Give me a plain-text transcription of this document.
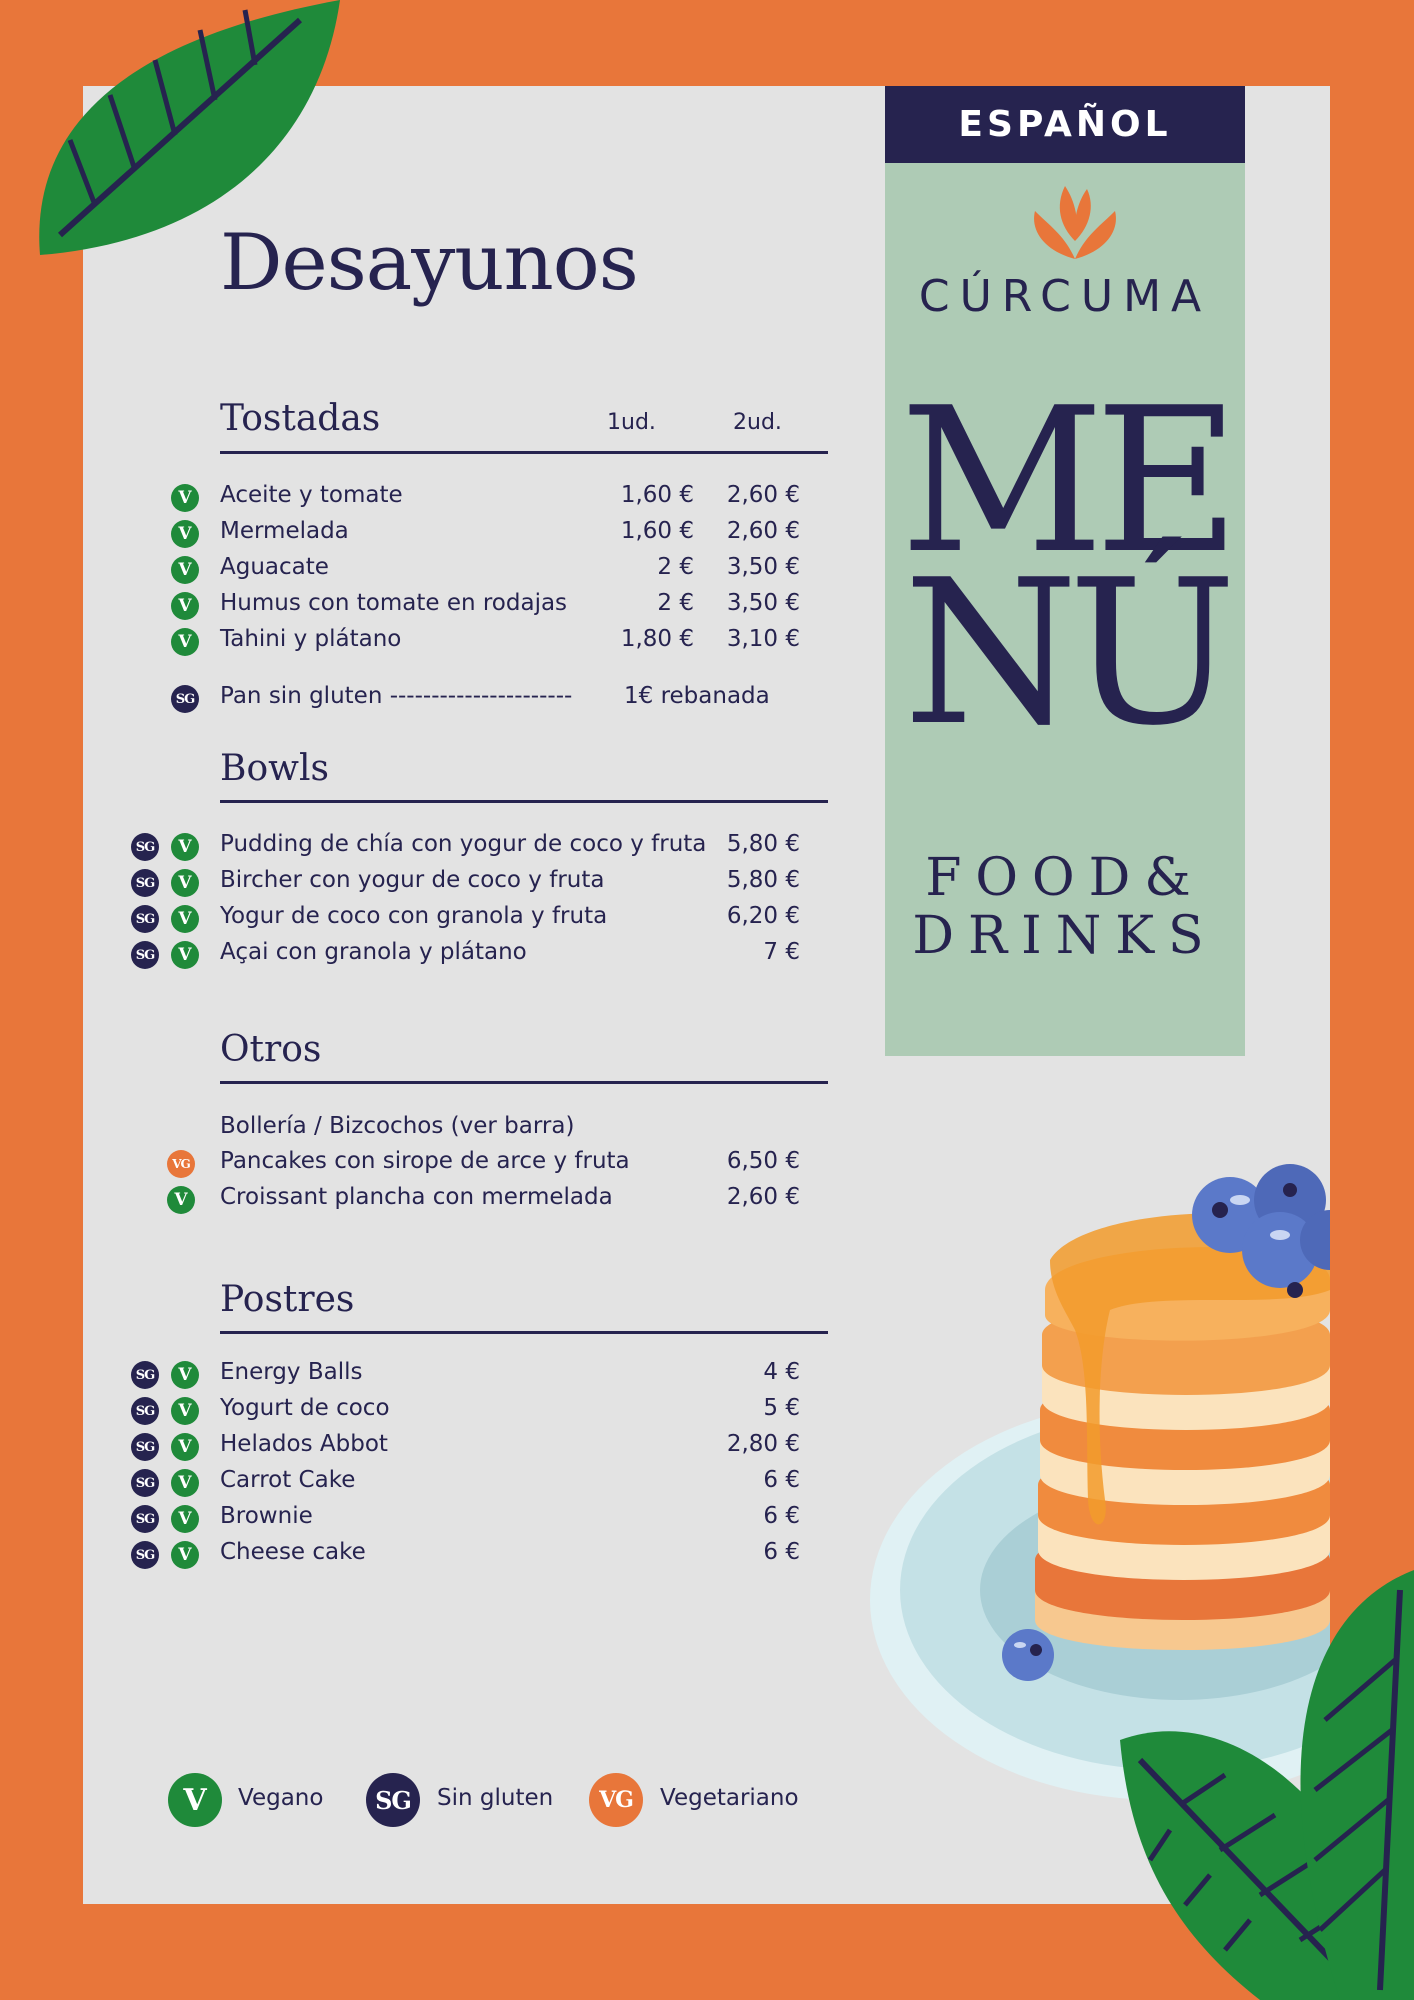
Desayunos
Tostadas	1ud.	2ud.
V	Aceite y tomate	1,60 € 2,60 €
V	Mermelada	1,60 € 2,60 €
V	Aguacate	2 € 3,50 €
V	Humus con tomate en rodajas	2 € 3,50 €
V	Tahini y plátano	1,80 € 3,10 €
SG Pan sin gluten ---------------------- 1€ rebanada
Bowls
SG	V	Pudding de chía con yogur de coco y fruta 5,80 €
SG	V	Bircher con yogur de coco y fruta	5,80 €
SG	V	Yogur de coco con granola y fruta	6,20 €
SG	V	Açai con granola y plátano	7 €
Otros
Bollería / Bizcochos (ver barra)
VG Pancakes con sirope de arce y fruta	6,50 €
V	Croissant plancha con mermelada	2,60 €
Postres
SG	V	Energy Balls	4 €
SG	V	Yogurt de coco	5 €
SG	V	Helados Abbot	2,80 €
SG	V	Carrot Cake	6 €
SG	V	Brownie	6 €
SG	V	Cheese cake	6 €
V	Vegano	SG	Sin gluten	VG	Vegetariano
ESPAÑOL
CÚRCUMA
ME
NÚ
FOOD&
DRINKS
